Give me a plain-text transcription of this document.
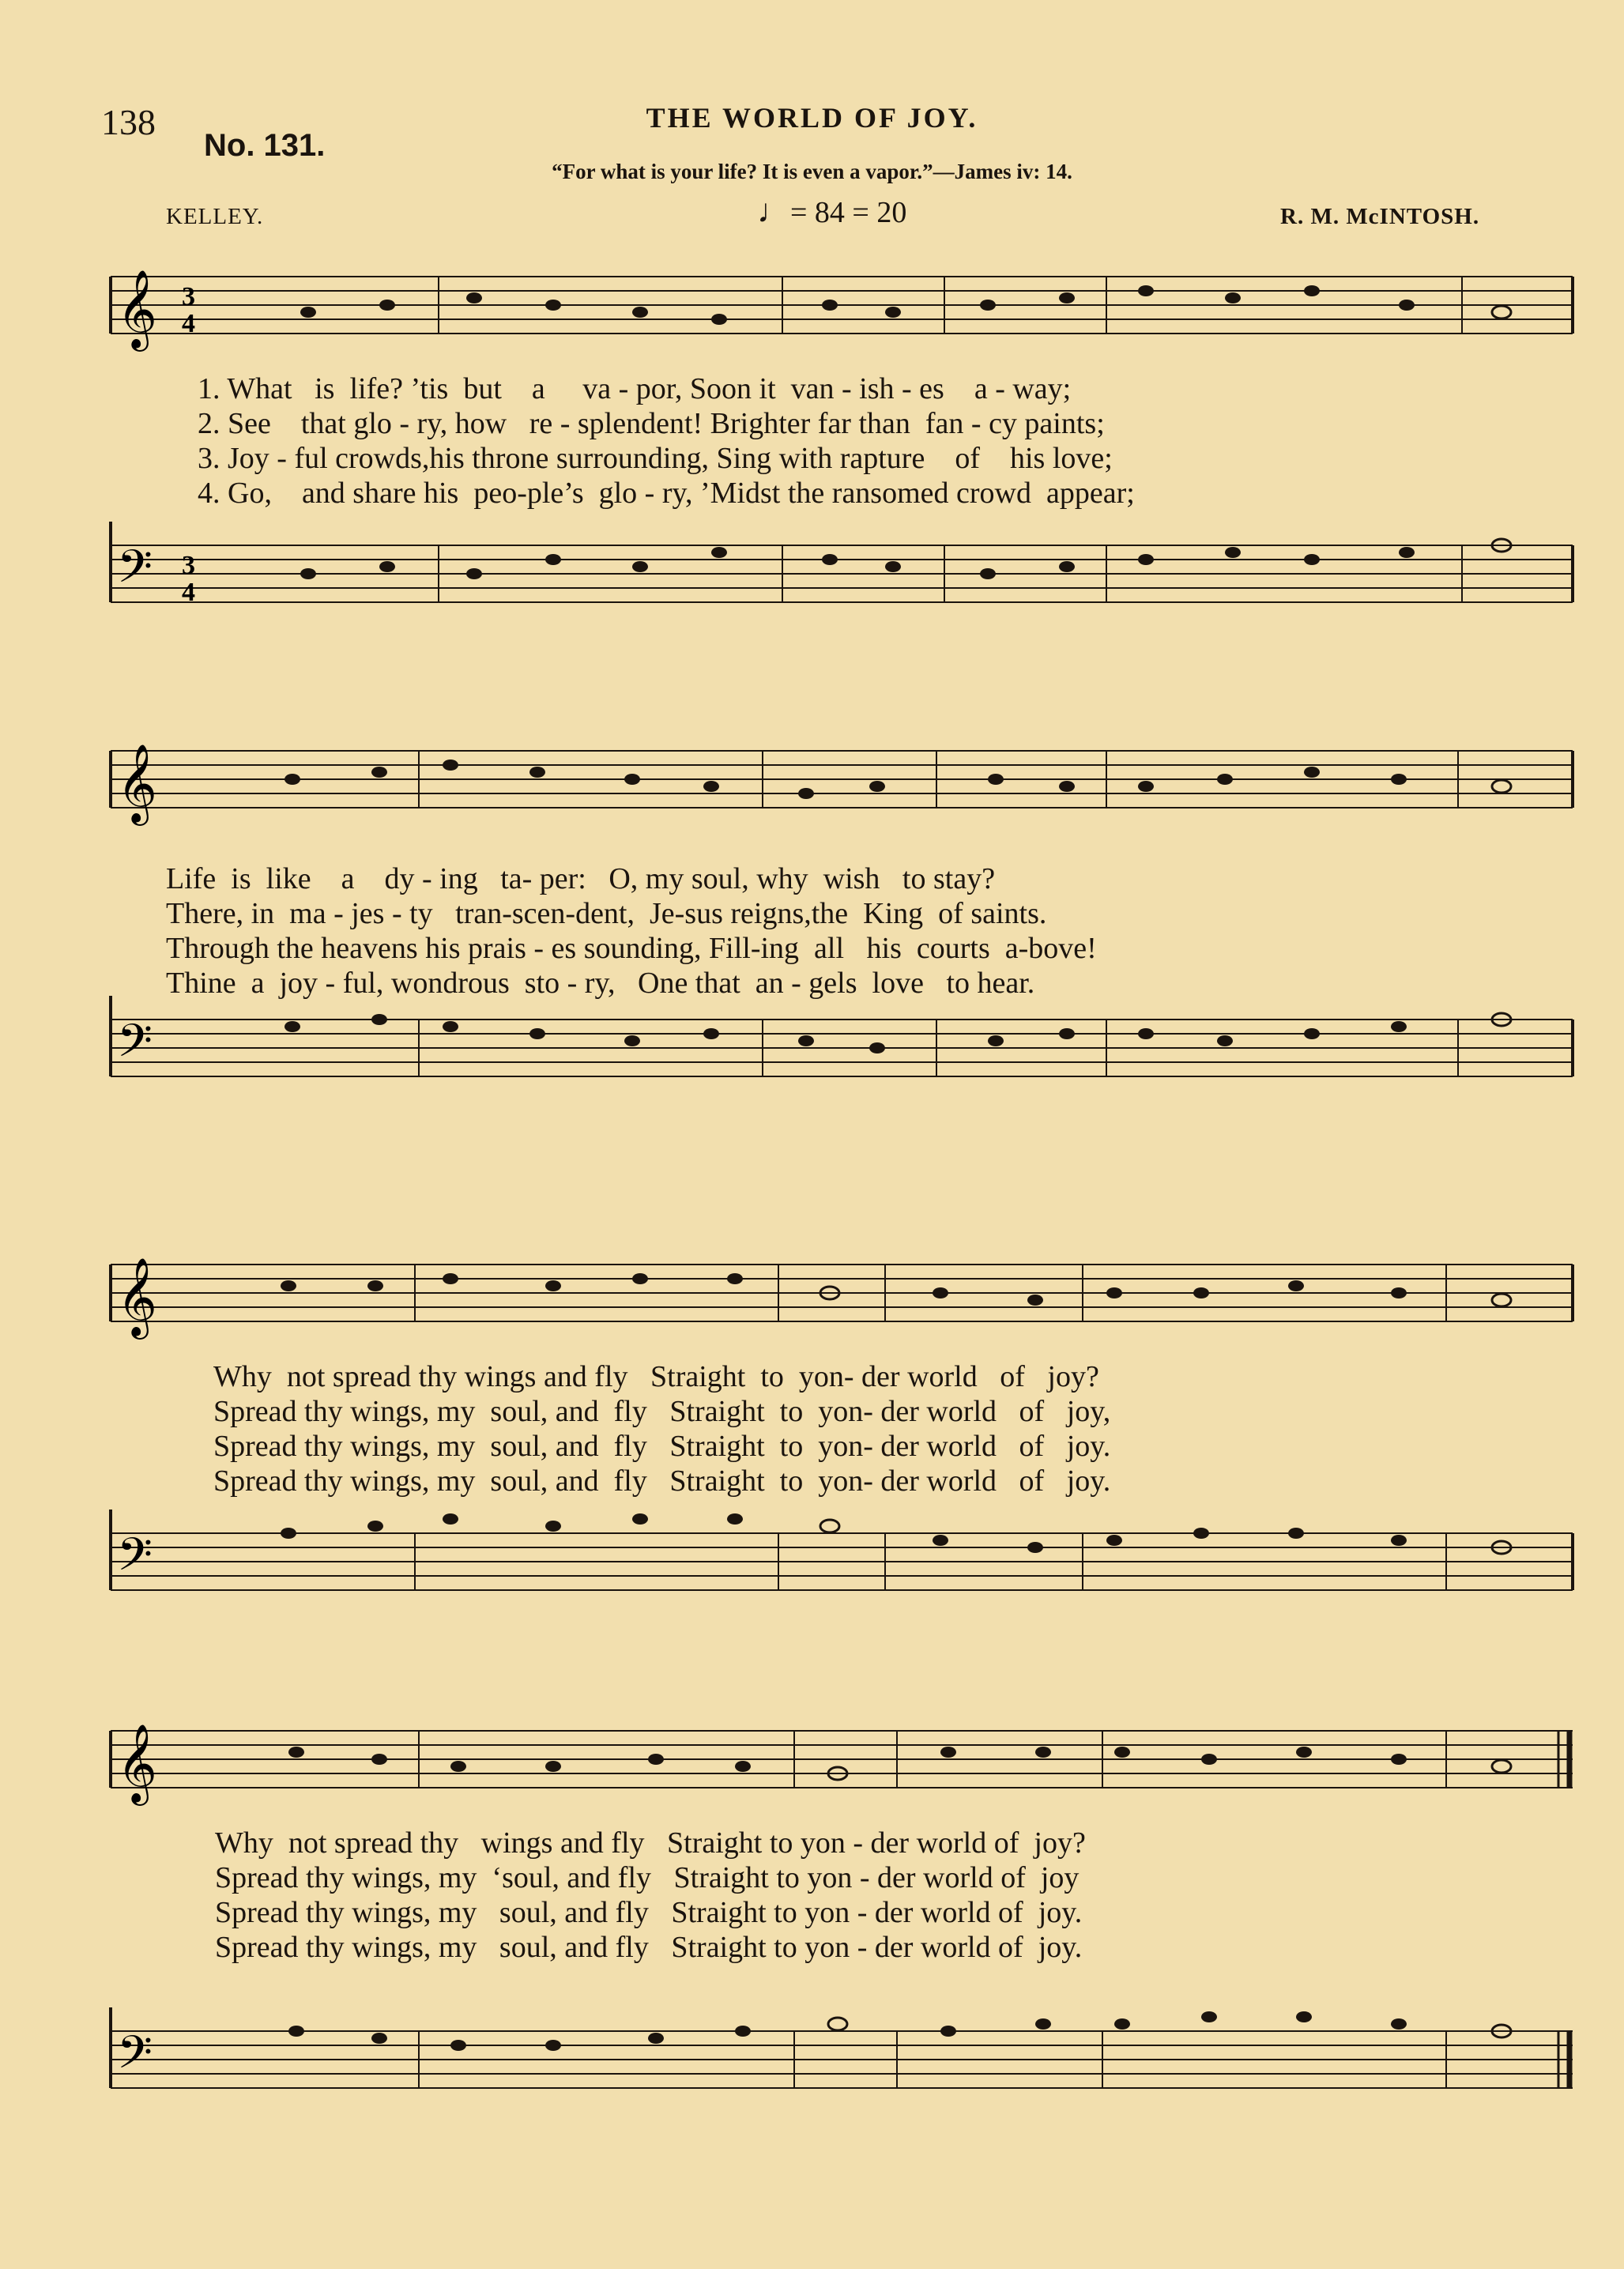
138
No. 131.
THE WORLD OF JOY.
“For what is your life? It is even a vapor.”—James iv: 14.
KELLEY.	♩= 84 = 20	R. M. McINTOSH.
𝄞 3
4
1. What   is  life? ’tis  but    a     va - por, Soon it  van - ish - es    a - way;
2. See    that glo - ry, how   re - splendent! Brighter far than  fan - cy paints;
3. Joy - ful crowds,his throne surrounding, Sing with rapture    of    his love;
4. Go,    and share his  peo-ple’s  glo - ry, ’Midst the ransomed crowd  appear;
𝄢 3
4
𝄞
Life  is  like    a    dy - ing   ta- per:   O, my soul, why  wish   to stay?
There, in  ma - jes - ty   tran-scen-dent,  Je-sus reigns,the  King  of saints.
Through the heavens his prais - es sounding, Fill-ing  all   his  courts  a-bove!
Thine  a  joy - ful, wondrous  sto - ry,   One that  an - gels  love   to hear.
𝄢
𝄞
Why  not spread thy wings and fly   Straight  to  yon- der world   of   joy?
Spread thy wings, my  soul, and  fly   Straight  to  yon- der world   of   joy,
Spread thy wings, my  soul, and  fly   Straight  to  yon- der world   of   joy.
Spread thy wings, my  soul, and  fly   Straight  to  yon- der world   of   joy.
𝄢
𝄞
Why  not spread thy   wings and fly   Straight to yon - der world of  joy?
Spread thy wings, my  ‘soul, and fly   Straight to yon - der world of  joy
Spread thy wings, my   soul, and fly   Straight to yon - der world of  joy.
Spread thy wings, my   soul, and fly   Straight to yon - der world of  joy.
𝄢
